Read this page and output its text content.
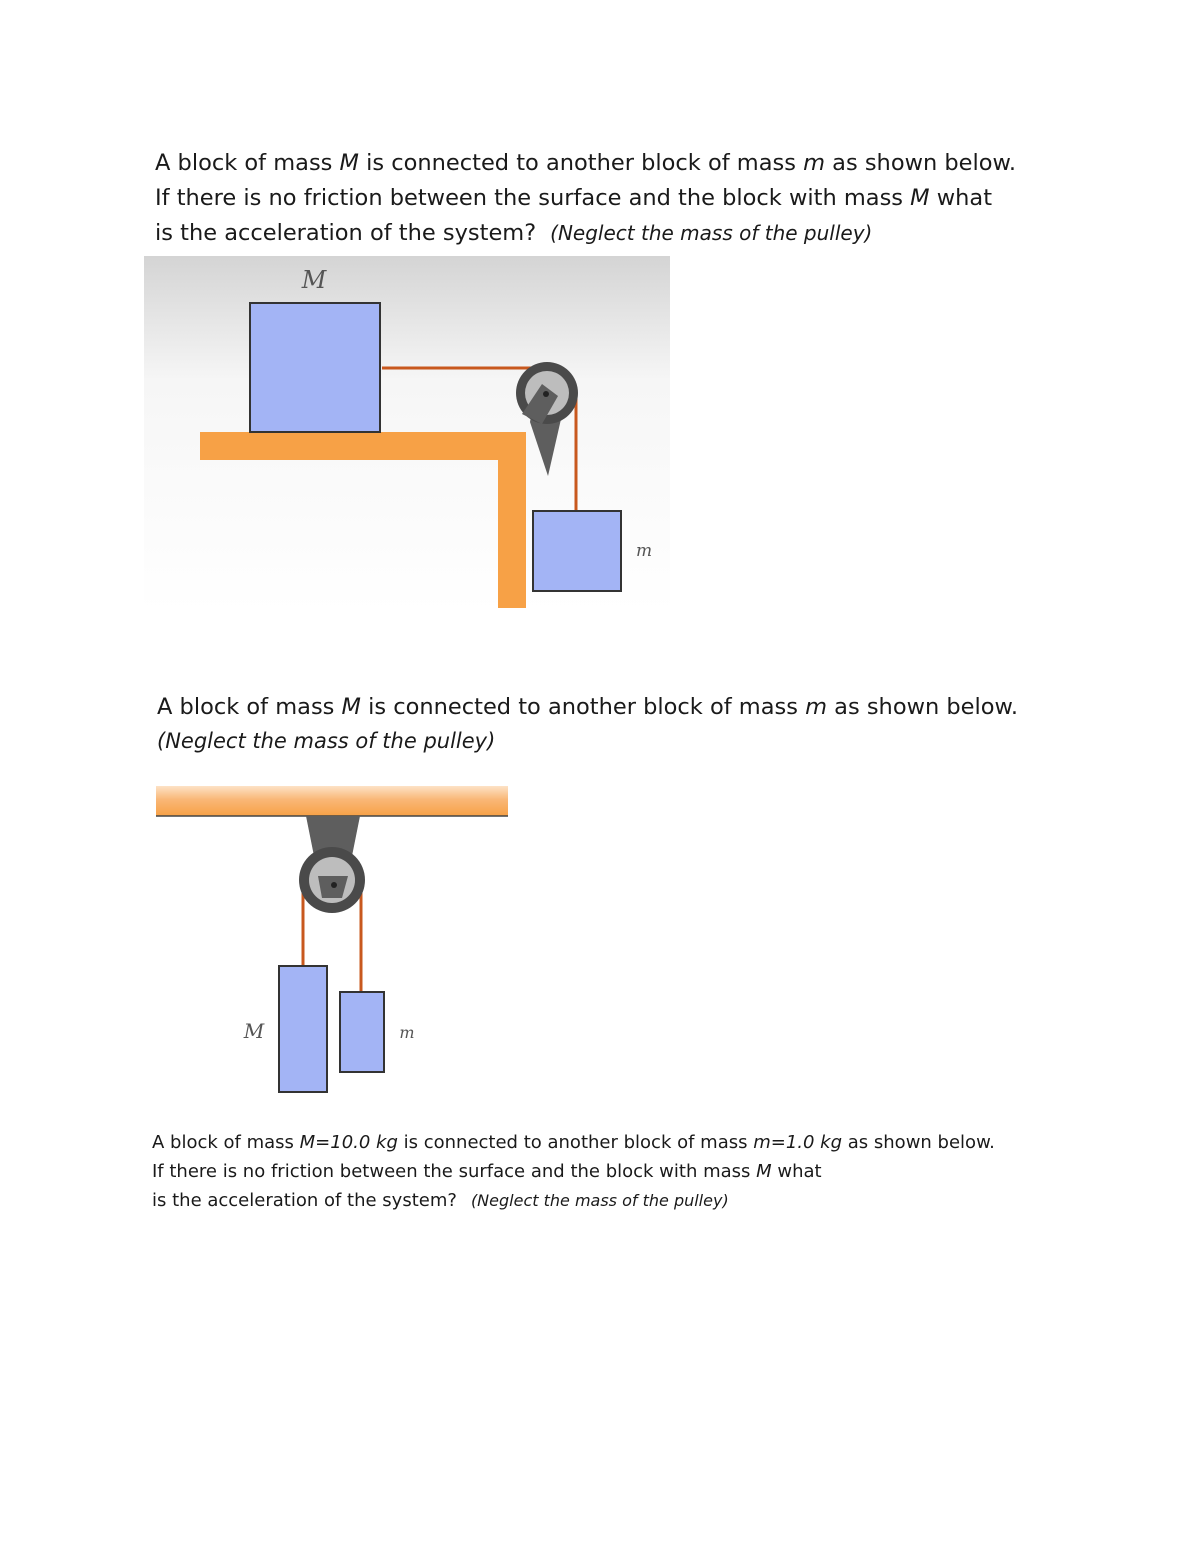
A block of mass M is connected to another block of mass m as shown below.
If there is no friction between the surface and the block with mass M what
is the acceleration of the system? (Neglect the mass of the pulley)
M
m
A block of mass M is connected to another block of mass m as shown below.
(Neglect the mass of the pulley)
M	m
A block of mass M=10.0 kg is connected to another block of mass m=1.0 kg as shown below.
If there is no friction between the surface and the block with mass M what
is the acceleration of the system? (Neglect the mass of the pulley)
